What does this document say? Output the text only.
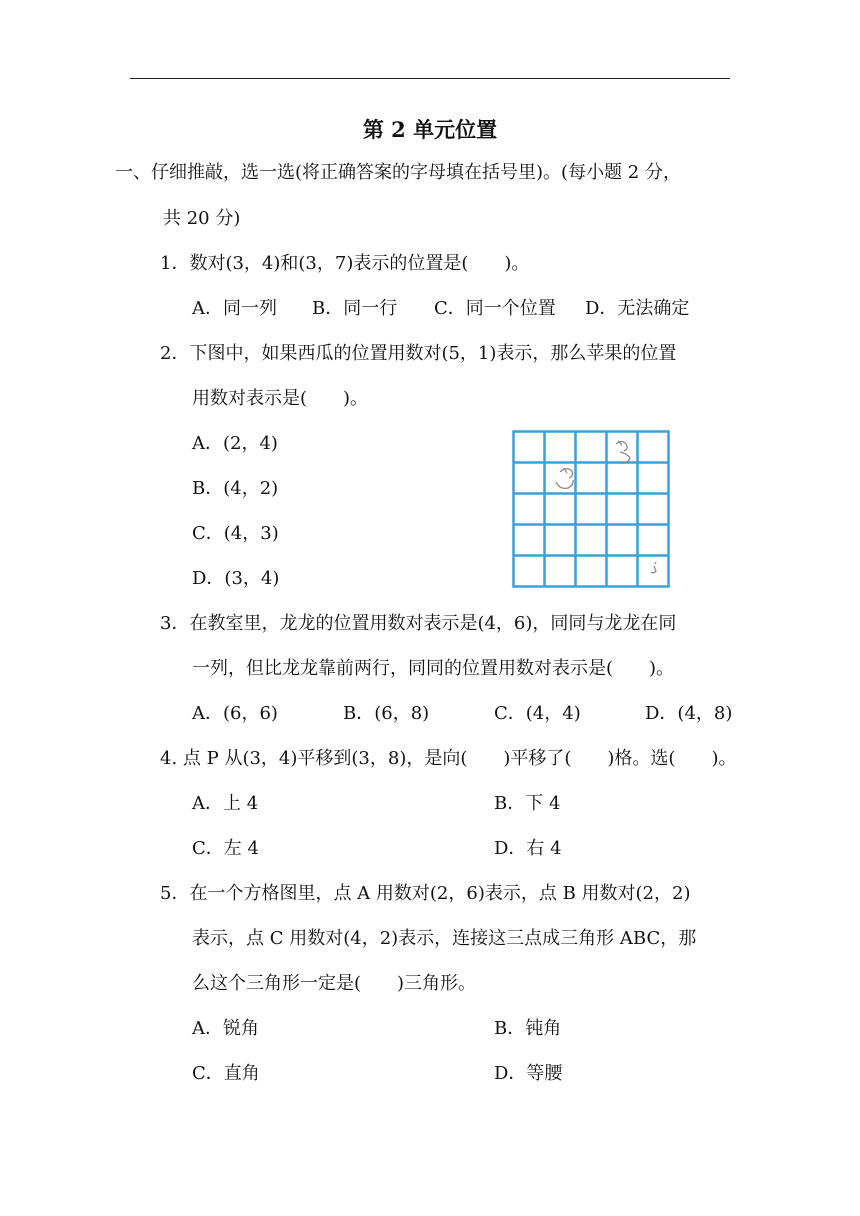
第 2 单元位置
一、仔细推敲，选一选(将正确答案的字母填在括号里)。(每小题 2 分，
共 20 分)
1．数对(3，4)和(3，7)表示的位置是(　　)。
A．同一列 B．同一行 C．同一个位置 D．无法确定
2．下图中，如果西瓜的位置用数对(5，1)表示，那么苹果的位置
用数对表示是(　　)。
A．(2，4)
B．(4，2)
C．(4，3)
D．(3，4)
3．在教室里，龙龙的位置用数对表示是(4，6)，同同与龙龙在同
一列，但比龙龙靠前两行，同同的位置用数对表示是(　　)。
A．(6，6)	B．(6，8)	C．(4，4)	D．(4，8)
4. 点 P 从(3，4)平移到(3，8)，是向(　　)平移了(　　)格。选(　　)。
A．上 4	B．下 4
C．左 4	D．右 4
5．在一个方格图里，点 A 用数对(2，6)表示，点 B 用数对(2，2)
表示，点 C 用数对(4，2)表示，连接这三点成三角形 ABC，那
么这个三角形一定是(　　)三角形。
A．锐角	B．钝角
C．直角	D．等腰
